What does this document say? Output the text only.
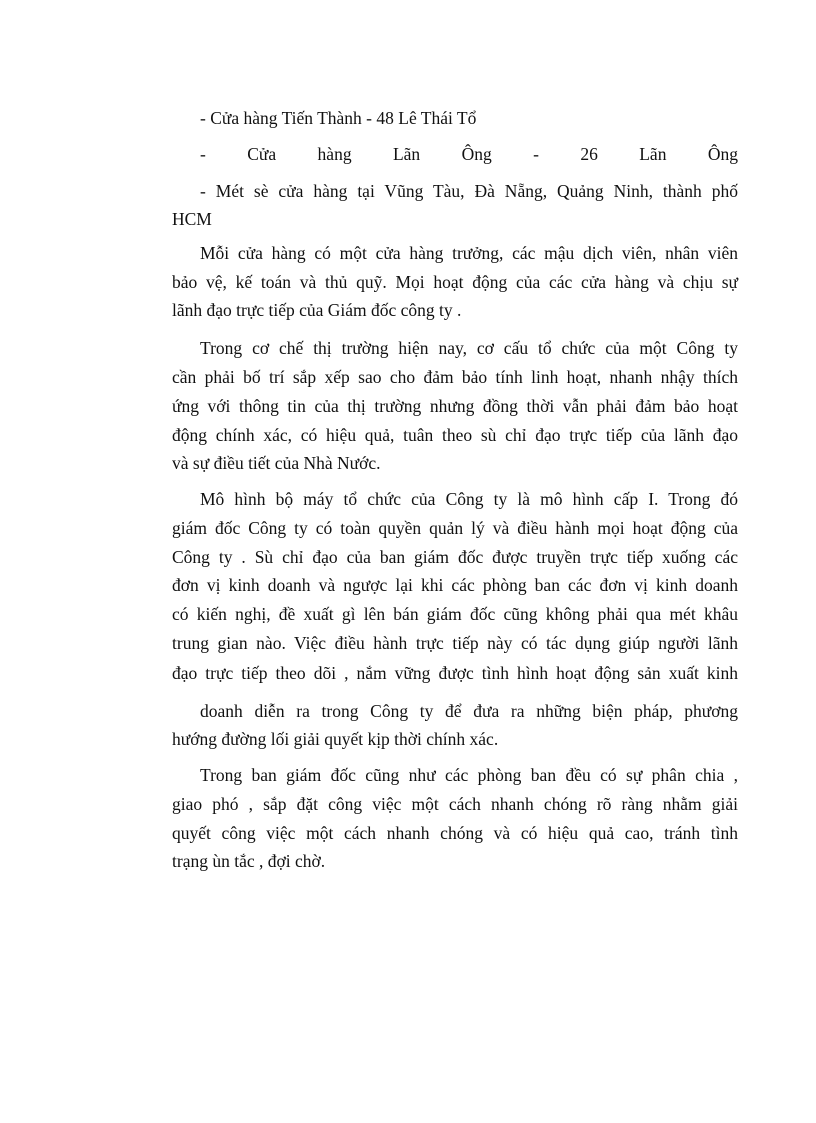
- Cửa hàng Tiến Thành - 48 Lê Thái Tổ
- Cửa hàng Lãn Ông - 26 Lãn Ông
- Mét sè cửa hàng tại Vũng Tàu, Đà Nẵng, Quảng Ninh, thành phố
HCM
Mỗi cửa hàng có một cửa hàng trưởng, các mậu dịch viên, nhân viên
bảo vệ, kế toán và thủ quỹ. Mọi hoạt động của các cửa hàng và chịu sự
lãnh đạo trực tiếp của Giám đốc công ty .
Trong cơ chế thị trường hiện nay, cơ cấu tổ chức của một Công ty
cần phải bố trí sắp xếp sao cho đảm bảo tính linh hoạt, nhanh nhậy thích
ứng với thông tin của thị trường nhưng đồng thời vẫn phải đảm bảo hoạt
động chính xác, có hiệu quả, tuân theo sù chỉ đạo trực tiếp của lãnh đạo
và sự điều tiết của Nhà Nước.
Mô hình bộ máy tổ chức của Công ty là mô hình cấp I. Trong đó
giám đốc Công ty có toàn quyền quản lý và điều hành mọi hoạt động của
Công ty . Sù chỉ đạo của ban giám đốc được truyền trực tiếp xuống các
đơn vị kinh doanh và ngược lại khi các phòng ban các đơn vị kinh doanh
có kiến nghị, đề xuất gì lên bán giám đốc cũng không phải qua mét khâu
trung gian nào. Việc điều hành trực tiếp này có tác dụng giúp người lãnh
đạo trực tiếp theo dõi , nắm vững được tình hình hoạt động sản xuất kinh
doanh diễn ra trong Công ty để đưa ra những biện pháp, phương
hướng đường lối giải quyết kịp thời chính xác.
Trong ban giám đốc cũng như các phòng ban đều có sự phân chia ,
giao phó , sắp đặt công việc một cách nhanh chóng rõ ràng nhằm giải
quyết công việc một cách nhanh chóng và có hiệu quả cao, tránh tình
trạng ùn tắc , đợi chờ.
